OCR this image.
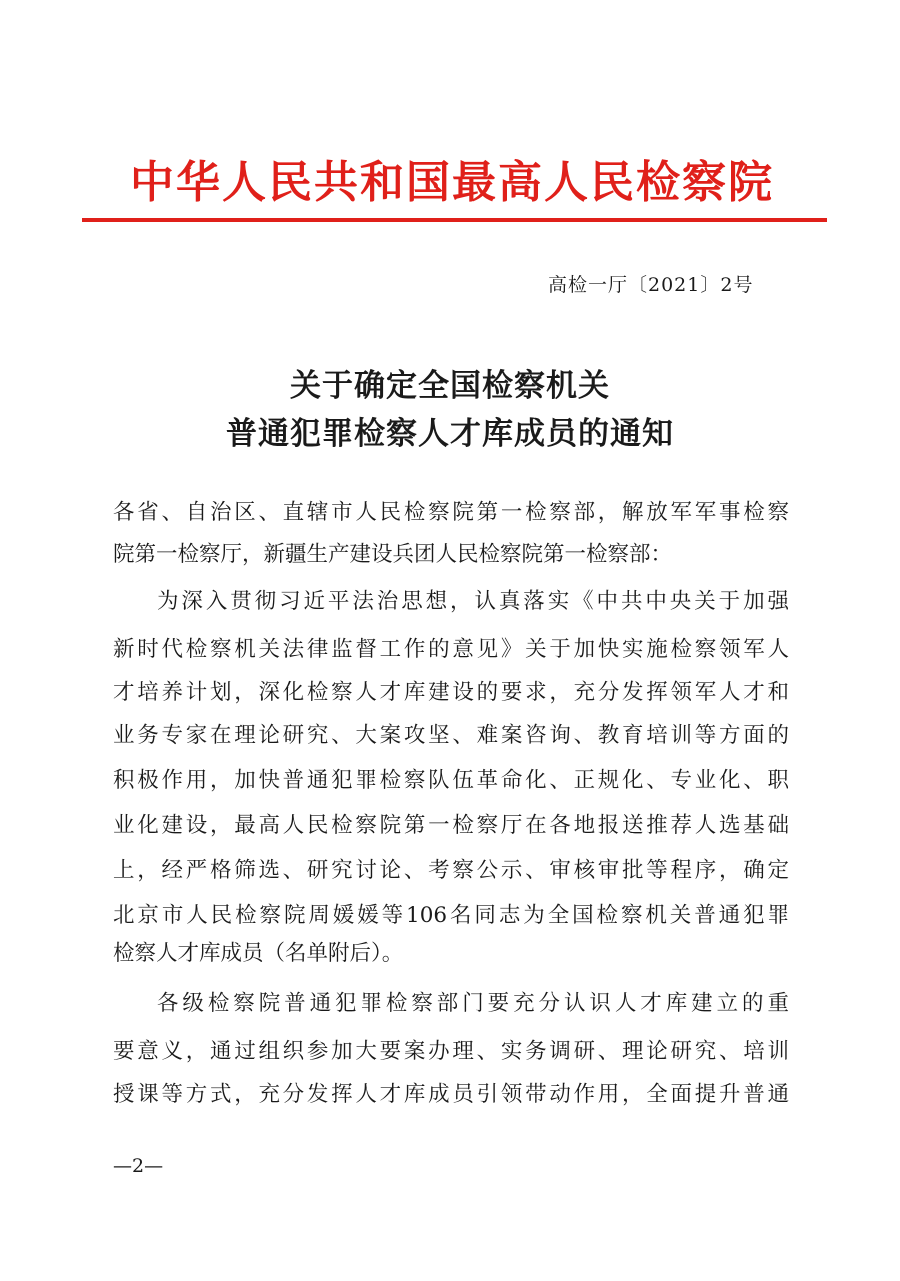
中华人民共和国最高人民检察院
高检一厅〔2021〕2号
关于确定全国检察机关
普通犯罪检察人才库成员的通知
各省、自治区、直辖市人民检察院第一检察部，解放军军事检察
院第一检察厅，新疆生产建设兵团人民检察院第一检察部：
为深入贯彻习近平法治思想，认真落实《中共中央关于加强
新时代检察机关法律监督工作的意见》关于加快实施检察领军人
才培养计划，深化检察人才库建设的要求，充分发挥领军人才和
业务专家在理论研究、大案攻坚、难案咨询、教育培训等方面的
积极作用，加快普通犯罪检察队伍革命化、正规化、专业化、职
业化建设，最高人民检察院第一检察厅在各地报送推荐人选基础
上，经严格筛选、研究讨论、考察公示、审核审批等程序，确定
北京市人民检察院周媛媛等106名同志为全国检察机关普通犯罪
检察人才库成员（名单附后）。
各级检察院普通犯罪检察部门要充分认识人才库建立的重
要意义，通过组织参加大要案办理、实务调研、理论研究、培训
授课等方式，充分发挥人才库成员引领带动作用，全面提升普通
—2—
